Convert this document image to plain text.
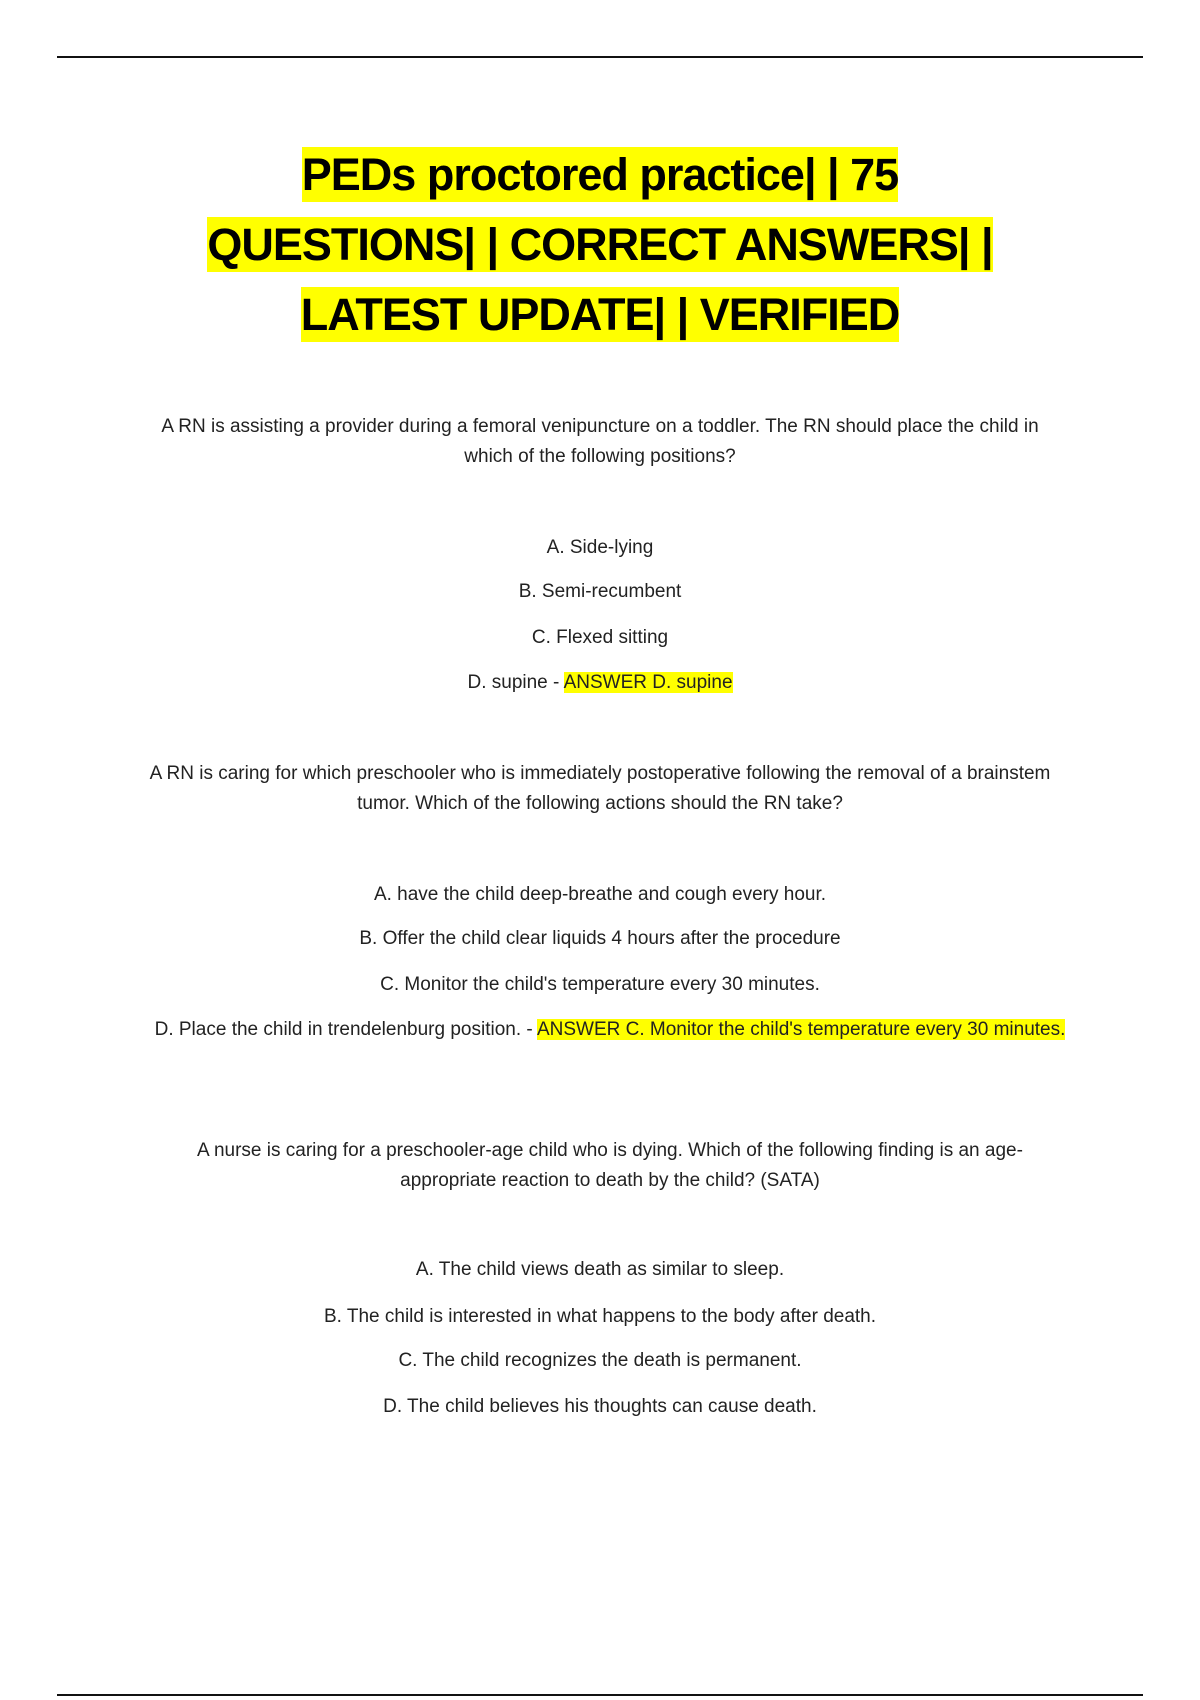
PEDs proctored practice| | 75
QUESTIONS| | CORRECT ANSWERS| |
LATEST UPDATE| | VERIFIED
A RN is assisting a provider during a femoral venipuncture on a toddler. The RN should place the child in which of the following positions?
A. Side-lying
B. Semi-recumbent
C. Flexed sitting
D. supine - ANSWER D. supine
A RN is caring for which preschooler who is immediately postoperative following the removal of a brainstem tumor. Which of the following actions should the RN take?
A. have the child deep-breathe and cough every hour.
B. Offer the child clear liquids 4 hours after the procedure
C. Monitor the child's temperature every 30 minutes.
D. Place the child in trendelenburg position. - ANSWER C. Monitor the child's temperature every 30 minutes.
A nurse is caring for a preschooler-age child who is dying. Which of the following finding is an age-appropriate reaction to death by the child? (SATA)
A. The child views death as similar to sleep.
B. The child is interested in what happens to the body after death.
C. The child recognizes the death is permanent.
D. The child believes his thoughts can cause death.
